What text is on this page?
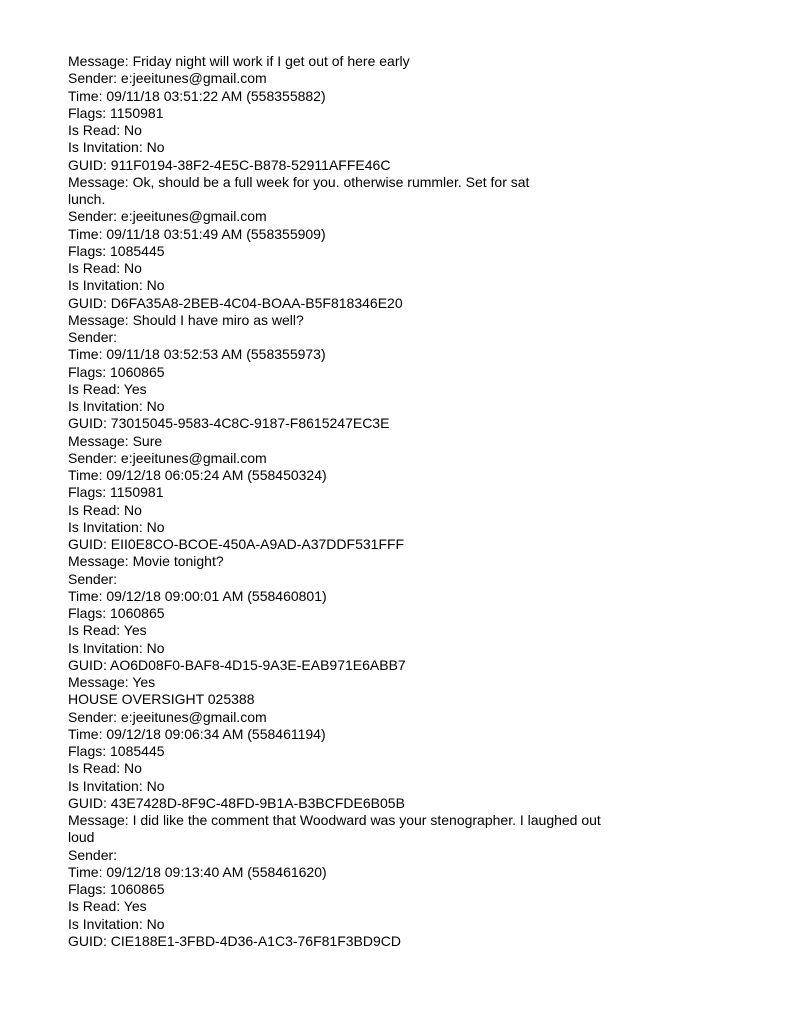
Message: Friday night will work if I get out of here early
Sender: e:jeeitunes@gmail.com
Time: 09/11/18 03:51:22 AM (558355882)
Flags: 1150981
Is Read: No
Is Invitation: No
GUID: 911F0194-38F2-4E5C-B878-52911AFFE46C
Message: Ok, should be a full week for you. otherwise rummler. Set for sat
lunch.
Sender: e:jeeitunes@gmail.com
Time: 09/11/18 03:51:49 AM (558355909)
Flags: 1085445
Is Read: No
Is Invitation: No
GUID: D6FA35A8-2BEB-4C04-BOAA-B5F818346E20
Message: Should I have miro as well?
Sender:
Time: 09/11/18 03:52:53 AM (558355973)
Flags: 1060865
Is Read: Yes
Is Invitation: No
GUID: 73015045-9583-4C8C-9187-F8615247EC3E
Message: Sure
Sender: e:jeeitunes@gmail.com
Time: 09/12/18 06:05:24 AM (558450324)
Flags: 1150981
Is Read: No
Is Invitation: No
GUID: EII0E8CO-BCOE-450A-A9AD-A37DDF531FFF
Message: Movie tonight?
Sender:
Time: 09/12/18 09:00:01 AM (558460801)
Flags: 1060865
Is Read: Yes
Is Invitation: No
GUID: AO6D08F0-BAF8-4D15-9A3E-EAB971E6ABB7
Message: Yes
HOUSE OVERSIGHT 025388
Sender: e:jeeitunes@gmail.com
Time: 09/12/18 09:06:34 AM (558461194)
Flags: 1085445
Is Read: No
Is Invitation: No
GUID: 43E7428D-8F9C-48FD-9B1A-B3BCFDE6B05B
Message: I did like the comment that Woodward was your stenographer. I laughed out
loud
Sender:
Time: 09/12/18 09:13:40 AM (558461620)
Flags: 1060865
Is Read: Yes
Is Invitation: No
GUID: CIE188E1-3FBD-4D36-A1C3-76F81F3BD9CD
